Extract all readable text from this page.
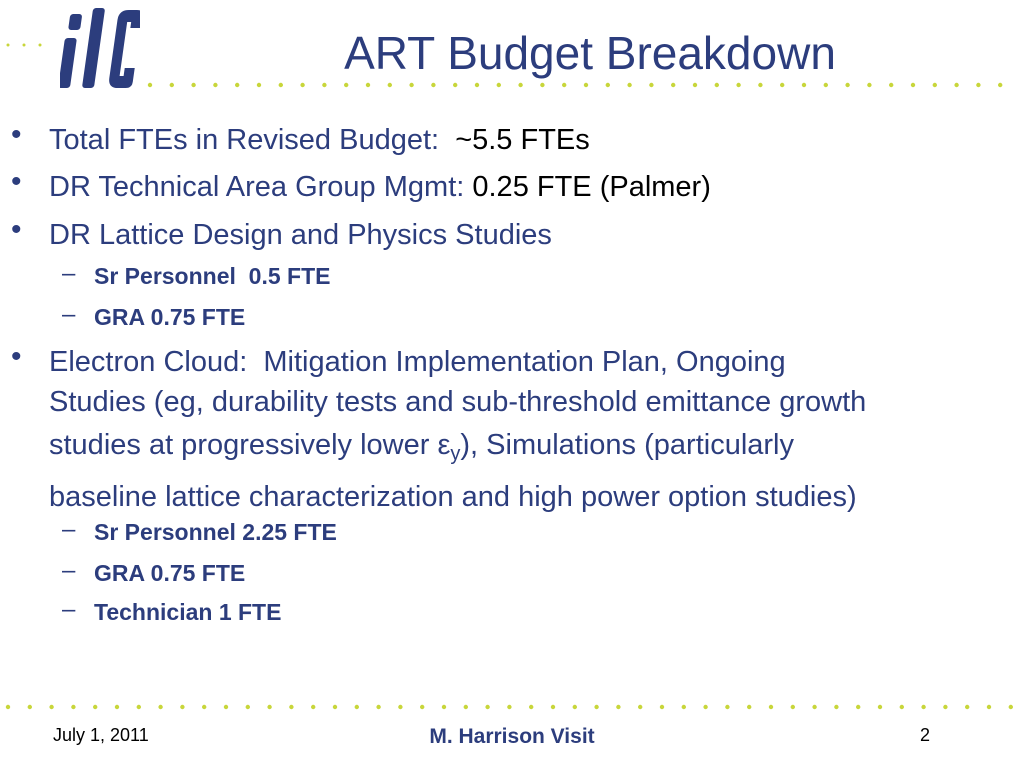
ART Budget Breakdown
• Total FTEs in Revised Budget:  ~5.5 FTEs
• DR Technical Area Group Mgmt: 0.25 FTE (Palmer)
• DR Lattice Design and Physics Studies
– Sr Personnel  0.5 FTE
– GRA 0.75 FTE
• Electron Cloud:  Mitigation Implementation Plan, Ongoing
Studies (eg, durability tests and sub-threshold emittance growth
studies at progressively lower $\varepsilon_y$), Simulations (particularly
baseline lattice characterization and high power option studies)
– Sr Personnel 2.25 FTE
– GRA 0.75 FTE
– Technician 1 FTE
July 1, 2011	M. Harrison Visit	2
